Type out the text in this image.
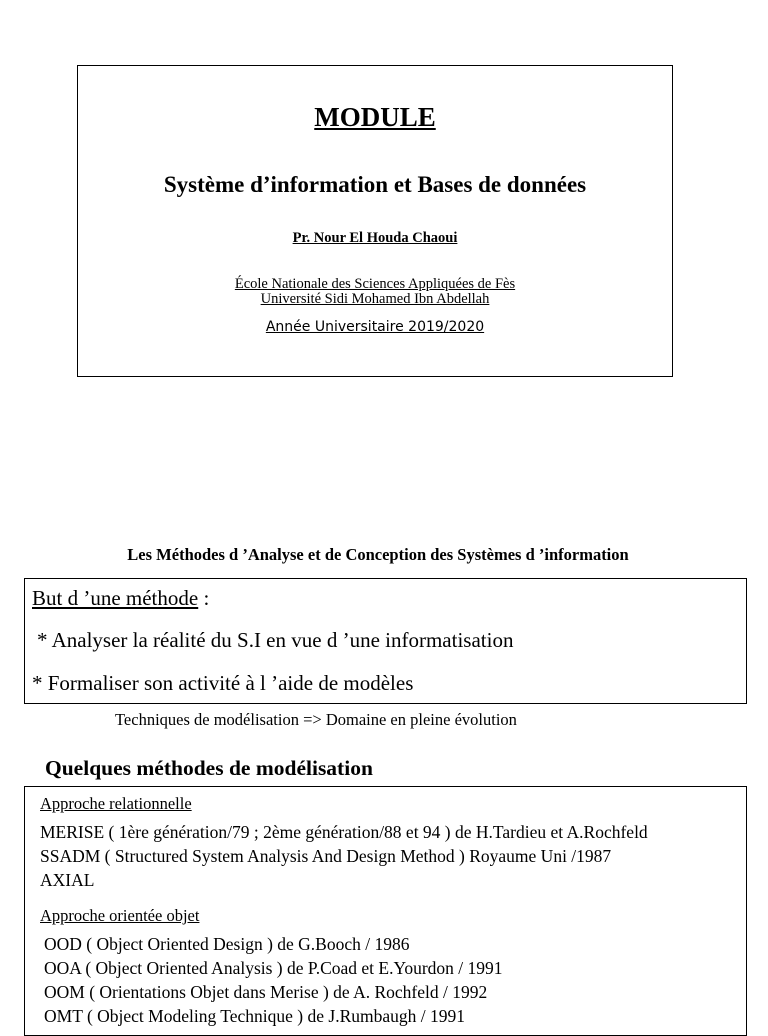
MODULE
Système d’information et Bases de données
Pr. Nour El Houda Chaoui
École Nationale des Sciences Appliquées de Fès
Université Sidi Mohamed Ibn Abdellah
Année Universitaire 2019/2020
Les Méthodes d ’Analyse et de Conception des Systèmes d ’information
But d ’une méthode :
* Analyser la réalité du S.I en vue d ’une informatisation
* Formaliser son activité à l ’aide de modèles
Techniques de modélisation => Domaine en pleine évolution
Quelques méthodes de modélisation
Approche relationnelle
MERISE ( 1ère génération/79 ; 2ème génération/88 et 94 ) de H.Tardieu et A.Rochfeld
SSADM ( Structured System Analysis And Design Method ) Royaume Uni /1987
AXIAL
Approche orientée objet
OOD ( Object Oriented Design ) de G.Booch / 1986
OOA ( Object Oriented Analysis ) de P.Coad et E.Yourdon / 1991
OOM ( Orientations Objet dans Merise ) de A. Rochfeld / 1992
OMT ( Object Modeling Technique ) de J.Rumbaugh / 1991
